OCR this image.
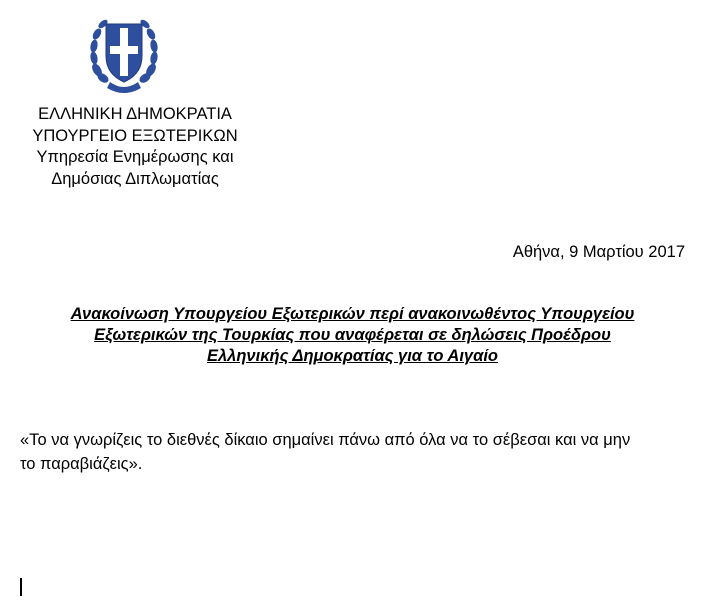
ΕΛΛΗΝΙΚΗ ΔΗΜΟΚΡΑΤΙΑ
ΥΠΟΥΡΓΕΙΟ ΕΞΩΤΕΡΙΚΩΝ
Υπηρεσία Ενημέρωσης και
Δημόσιας Διπλωματίας
Αθήνα, 9 Μαρτίου 2017
Ανακοίνωση Υπουργείου Εξωτερικών περί ανακοινωθέντος Υπουργείου
Εξωτερικών της Τουρκίας που αναφέρεται σε δηλώσεις Προέδρου
Ελληνικής Δημοκρατίας για το Αιγαίο
«Το να γνωρίζεις το διεθνές δίκαιο σημαίνει πάνω από όλα να το σέβεσαι και να μην
το παραβιάζεις».
